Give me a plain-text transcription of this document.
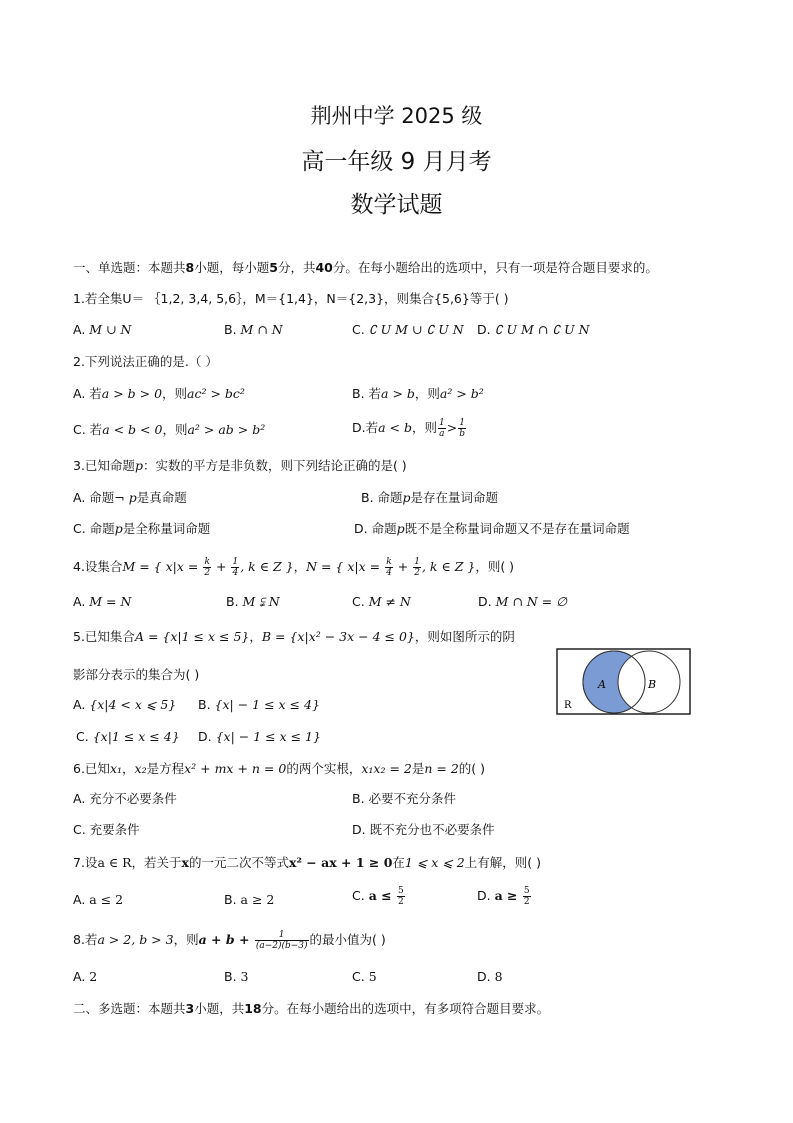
荆州中学 2025 级
高一年级 9 月月考
数学试题
一、单选题：本题共8小题，每小题5分，共40分。在每小题给出的选项中，只有一项是符合题目要求的。
1.若全集U＝ ｛1,2, 3,4, 5,6｝，M＝{1,4}，N＝{2,3}，则集合{5,6}等于( )
A. M ∪ N	B. M ∩ N	C. ∁ U M ∪ ∁ U N D. ∁ U M ∩ ∁ U N
2.下列说法正确的是.（ ）
A. 若a > b > 0，则ac² > bc²	B. 若a > b，则a² > b²
C. 若a < b < 0，则a² > ab > b²	D.若a < b，则 $\frac{1}{a} > \frac{1}{b}$
3.已知命题p：实数的平方是非负数，则下列结论正确的是( )
A. 命题¬ p是真命题	B. 命题p是存在量词命题
C. 命题p是全称量词命题	D. 命题p既不是全称量词命题又不是存在量词命题
4.设集合M = { $x|x = \frac{k}{2} + \frac{1}{4}$ , k ∈ Z }，N = { $x|x = \frac{k}{4} + \frac{1}{2}$ , k ∈ Z }，则( )
A. M = N	B. M ⫋ N	C. M ≠ N	D. M ∩ N = ∅
5.已知集合A = {x|1 ≤ x ≤ 5}，B = {x|x² − 3x − 4 ≤ 0}，则如图所示的阴
影部分表示的集合为( )
A. {x|4 < x ⩽ 5} B. {x| − 1 ≤ x ≤ 4}
C. {x|1 ≤ x ≤ 4} D. {x| − 1 ≤ x ≤ 1}
A	B
R
6.已知x₁，x₂是方程x² + mx + n = 0的两个实根，x₁x₂ = 2是n = 2的( )
A. 充分不必要条件	B. 必要不充分条件
C. 充要条件	D. 既不充分也不必要条件
7.设a ∈ R，若关于x的一元二次不等式x² − ax + 1 ≥ 0在1 ⩽ x ⩽ 2上有解，则( )
A. a ≤ 2	B. a ≥ 2	C. $a \le \frac{5}{2}$	D. $a \ge \frac{5}{2}$
8.若a > 2, b > 3，则$a + b + \frac{1}{(a-2)(b-3)}$ 的最小值为( )
A. 2	B. 3	C. 5	D. 8
二、多选题：本题共3小题，共18分。在每小题给出的选项中，有多项符合题目要求。
